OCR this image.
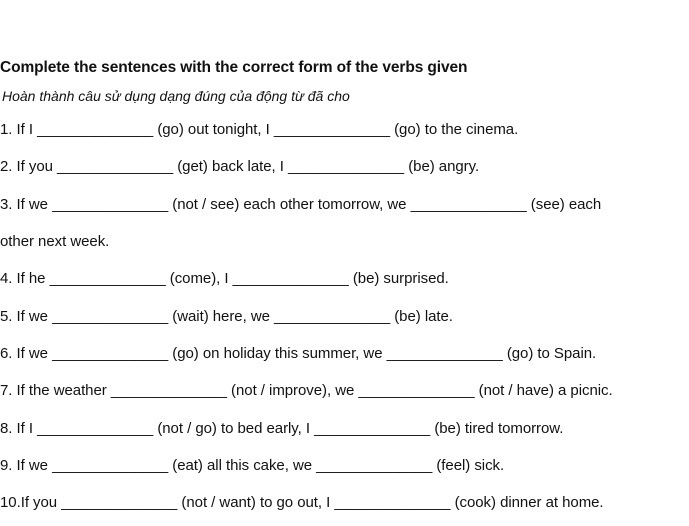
Complete the sentences with the correct form of the verbs given
Hoàn thành câu sử dụng dạng đúng của động từ đã cho
1. If I ______________ (go) out tonight, I ______________ (go) to the cinema.
2. If you ______________ (get) back late, I ______________ (be) angry.
3. If we ______________ (not / see) each other tomorrow, we ______________ (see) each
other next week.
4. If he ______________ (come), I ______________ (be) surprised.
5. If we ______________ (wait) here, we ______________ (be) late.
6. If we ______________ (go) on holiday this summer, we ______________ (go) to Spain.
7. If the weather ______________ (not / improve), we ______________ (not / have) a picnic.
8. If I ______________ (not / go) to bed early, I ______________ (be) tired tomorrow.
9. If we ______________ (eat) all this cake, we ______________ (feel) sick.
10.If you ______________ (not / want) to go out, I ______________ (cook) dinner at home.
